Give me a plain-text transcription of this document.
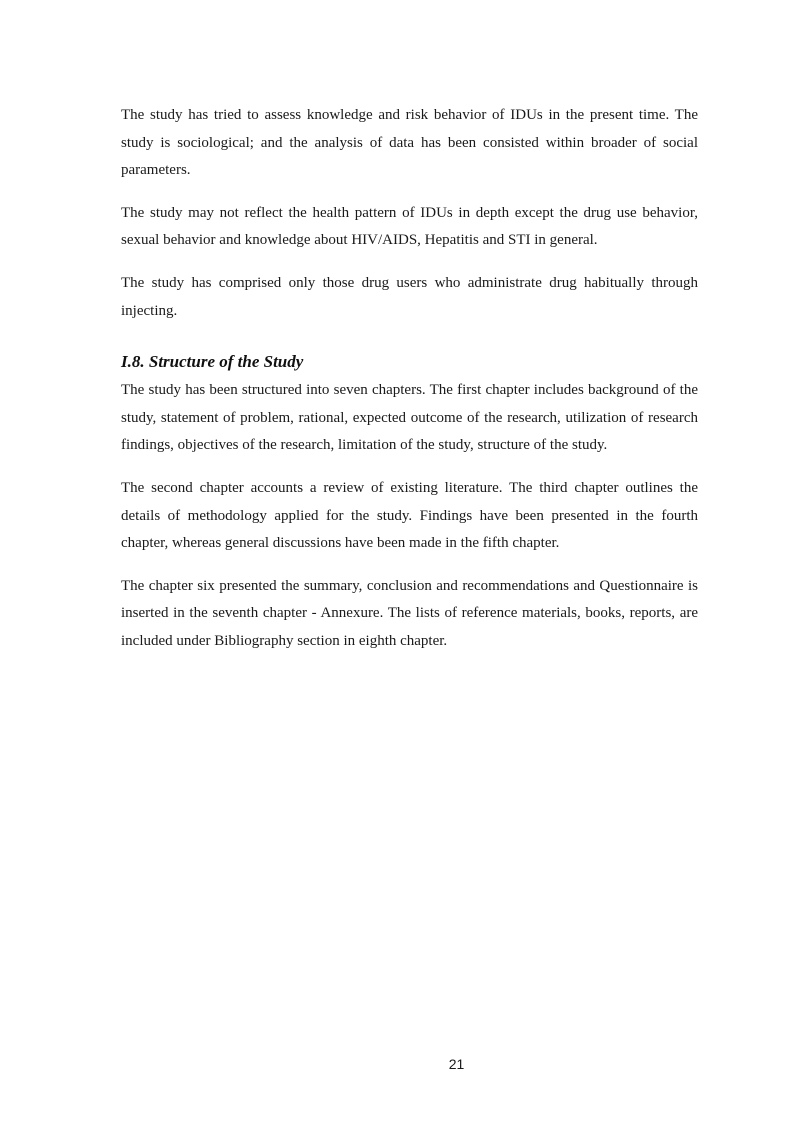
The study has tried to assess knowledge and risk behavior of IDUs in the present time. The study is sociological; and the analysis of data has been consisted within broader of social parameters.

The study may not reflect the health pattern of IDUs in depth except the drug use behavior, sexual behavior and knowledge about HIV/AIDS, Hepatitis and STI in general.

The study has comprised only those drug users who administrate drug habitually through injecting.

I.8. Structure of the Study

The study has been structured into seven chapters. The first chapter includes background of the study, statement of problem, rational, expected outcome of the research, utilization of research findings, objectives of the research, limitation of the study, structure of the study.

The second chapter accounts a review of existing literature. The third chapter outlines the details of methodology applied for the study. Findings have been presented in the fourth chapter, whereas general discussions have been made in the fifth chapter.

The chapter six presented the summary, conclusion and recommendations and Questionnaire is inserted in the seventh chapter - Annexure. The lists of reference materials, books, reports, are included under Bibliography section in eighth chapter.

21
